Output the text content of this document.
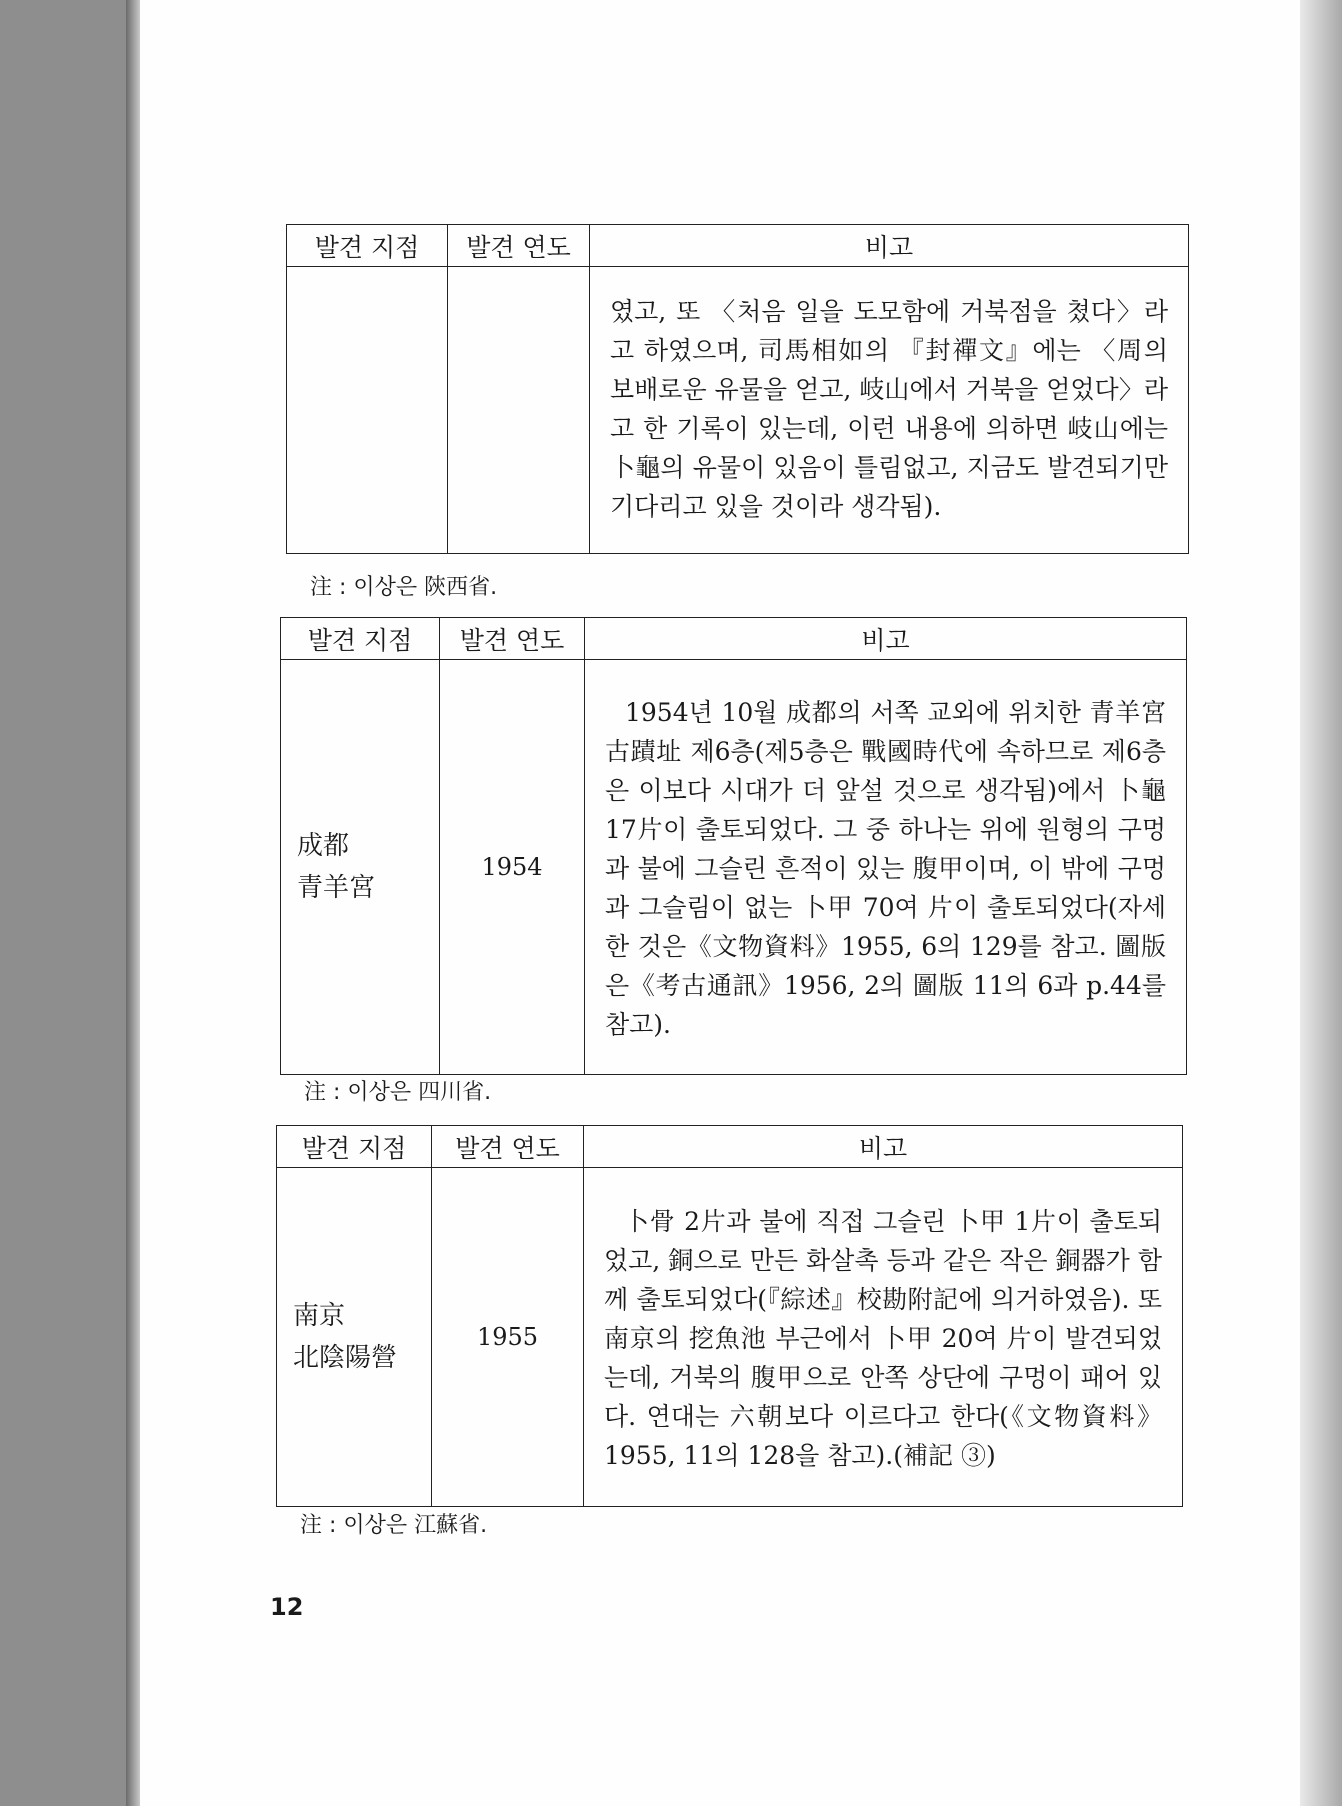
발견 지점	발견 연도	비고
		였고, 또 〈처음 일을 도모함에 거북점을 쳤다〉라고 하였으며, 司馬相如의 『封禪文』에는 〈周의 보배로운 유물을 얻고, 岐山에서 거북을 얻었다〉라고 한 기록이 있는데, 이런 내용에 의하면 岐山에는 卜龜의 유물이 있음이 틀림없고, 지금도 발견되기만 기다리고 있을 것이라 생각됨).
注 : 이상은 陝西省.
발견 지점	발견 연도	비고
成都
青羊宮	1954	1954년 10월 成都의 서쪽 교외에 위치한 青羊宮 古蹟址 제6층(제5층은 戰國時代에 속하므로 제6층은 이보다 시대가 더 앞설 것으로 생각됨)에서 卜龜 17片이 출토되었다. 그 중 하나는 위에 원형의 구멍과 불에 그슬린 흔적이 있는 腹甲이며, 이 밖에 구멍과 그슬림이 없는 卜甲 70여 片이 출토되었다(자세한 것은《文物資料》1955, 6의 129를 참고. 圖版은《考古通訊》1956, 2의 圖版 11의 6과 p.44를 참고).
注 : 이상은 四川省.
발견 지점	발견 연도	비고
南京
北陰陽營	1955	卜骨 2片과 불에 직접 그슬린 卜甲 1片이 출토되었고, 銅으로 만든 화살촉 등과 같은 작은 銅器가 함께 출토되었다(『綜述』校勘附記에 의거하였음). 또 南京의 挖魚池 부근에서 卜甲 20여 片이 발견되었는데, 거북의 腹甲으로 안쪽 상단에 구멍이 패어 있다. 연대는 六朝보다 이르다고 한다(《文物資料》1955, 11의 128을 참고).(補記 ③)
注 : 이상은 江蘇省.
12
